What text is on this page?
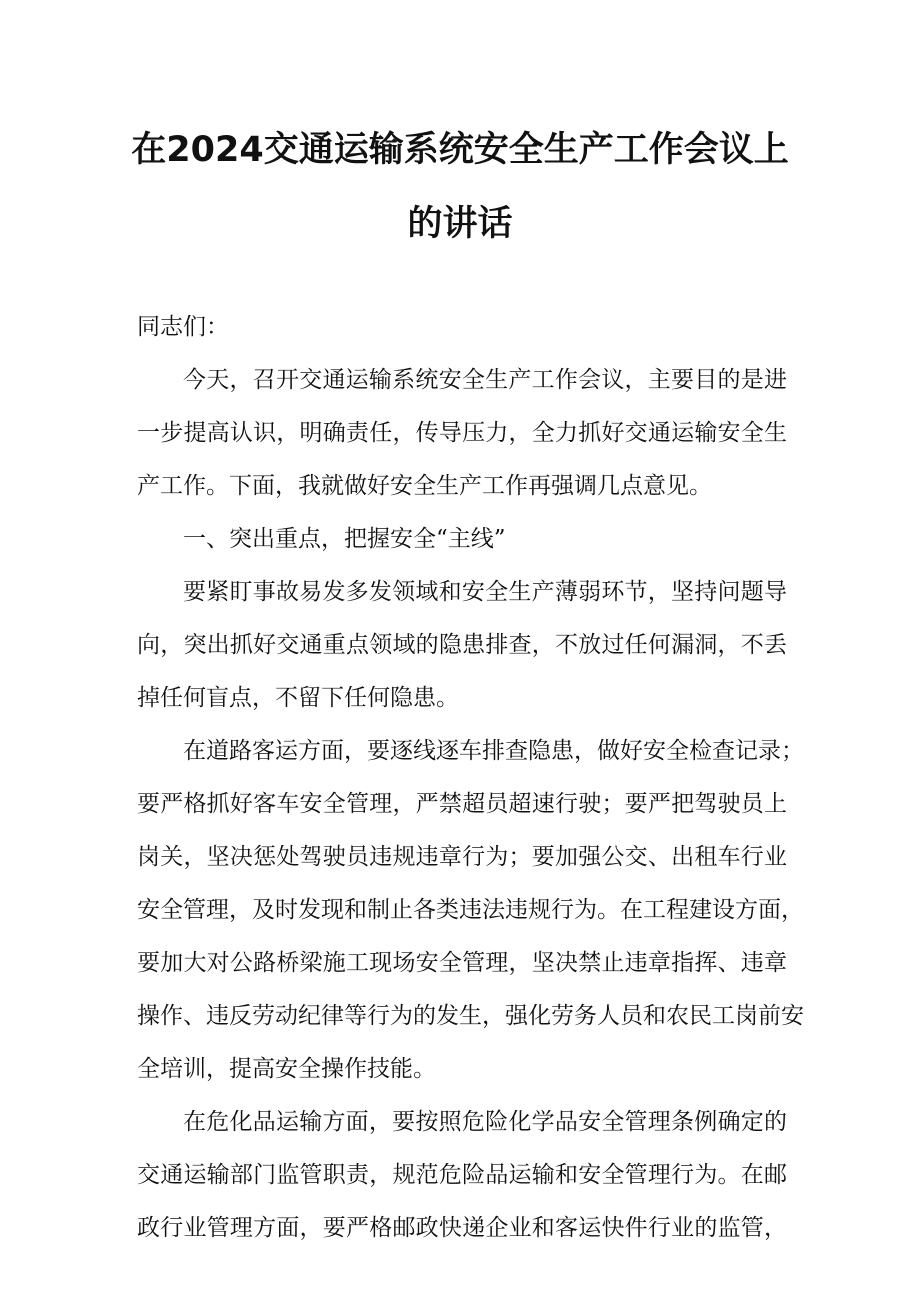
在2024交通运输系统安全生产工作会议上
的讲话
同志们：
今天，召开交通运输系统安全生产工作会议，主要目的是进
一步提高认识，明确责任，传导压力，全力抓好交通运输安全生
产工作。下面，我就做好安全生产工作再强调几点意见。
一、突出重点，把握安全“主线”
要紧盯事故易发多发领域和安全生产薄弱环节，坚持问题导
向，突出抓好交通重点领域的隐患排查，不放过任何漏洞，不丢
掉任何盲点，不留下任何隐患。
在道路客运方面，要逐线逐车排查隐患，做好安全检查记录；
要严格抓好客车安全管理，严禁超员超速行驶；要严把驾驶员上
岗关，坚决惩处驾驶员违规违章行为；要加强公交、出租车行业
安全管理，及时发现和制止各类违法违规行为。在工程建设方面，
要加大对公路桥梁施工现场安全管理，坚决禁止违章指挥、违章
操作、违反劳动纪律等行为的发生，强化劳务人员和农民工岗前安
全培训，提高安全操作技能。
在危化品运输方面，要按照危险化学品安全管理条例确定的
交通运输部门监管职责，规范危险品运输和安全管理行为。在邮
政行业管理方面，要严格邮政快递企业和客运快件行业的监管，
